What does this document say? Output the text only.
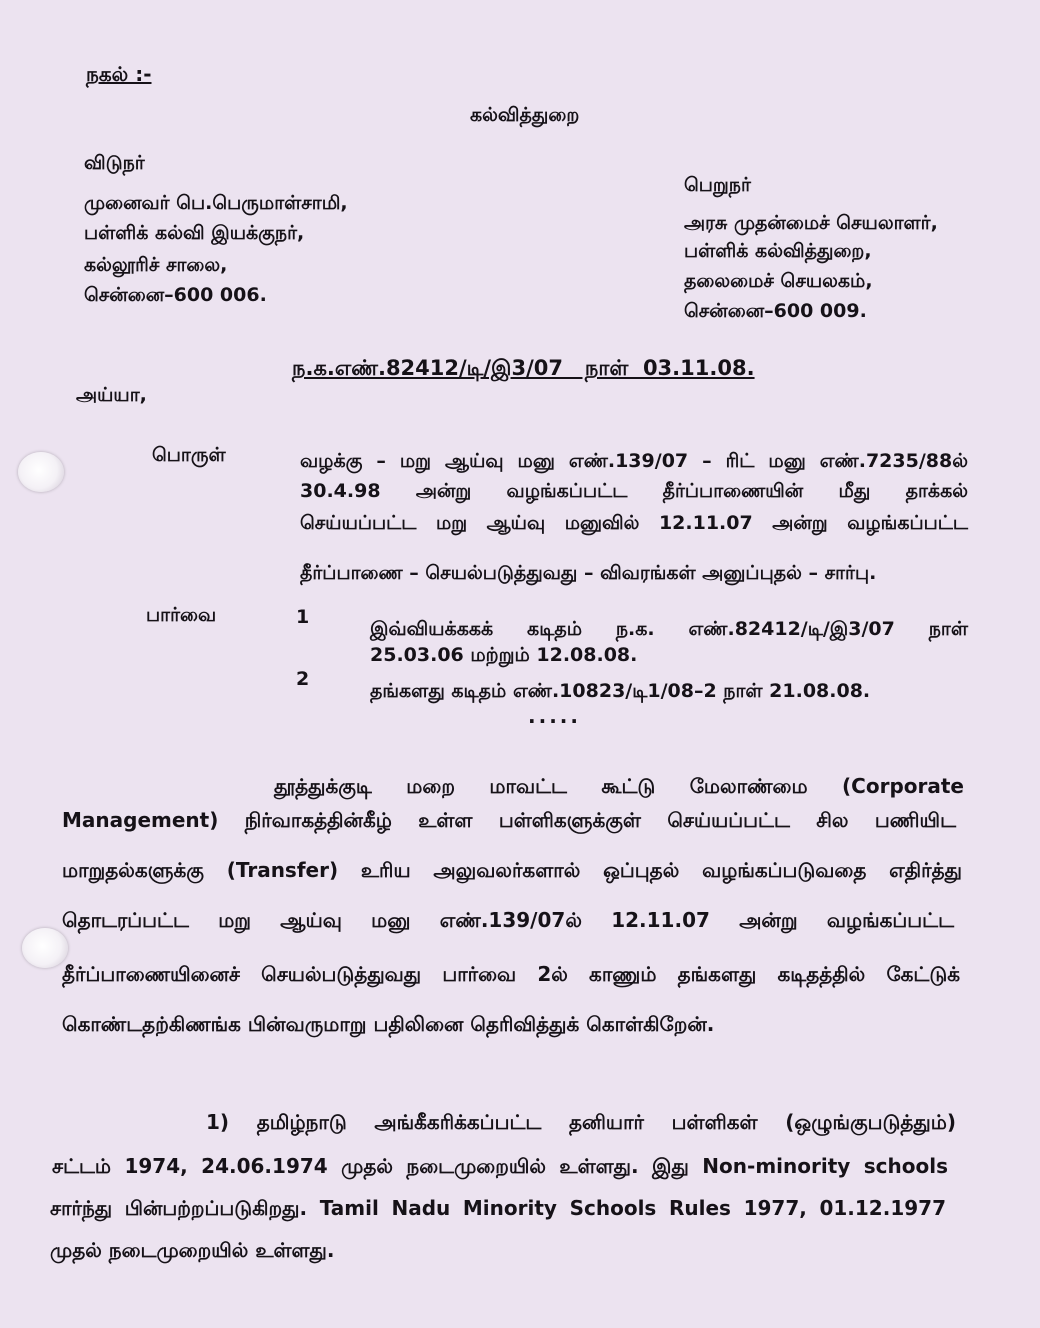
நகல் :-
கல்வித்துறை
விடுநர்
முனைவர் பெ.பெருமாள்சாமி,
பள்ளிக் கல்வி இயக்குநர்,
கல்லூரிச் சாலை,
சென்னை–600 006.
பெறுநர்
அரசு முதன்மைச் செயலாளர்,
பள்ளிக் கல்வித்துறை,
தலைமைச் செயலகம்,
சென்னை–600 009.
ந.க.எண்.82412/டி/இ3/07   நாள்  03.11.08.
அய்யா,
பொருள்	வழக்கு – மறு ஆய்வு மனு எண்.139/07 – ரிட் மனு எண்.7235/88ல்
30.4.98 அன்று வழங்கப்பட்ட தீர்ப்பாணையின் மீது தாக்கல்
செய்யப்பட்ட மறு ஆய்வு மனுவில் 12.11.07 அன்று வழங்கப்பட்ட
தீர்ப்பாணை – செயல்படுத்துவது – விவரங்கள் அனுப்புதல் – சார்பு.
பார்வை	1
இவ்வியக்ககக் கடிதம் ந.க. எண்.82412/டி/இ3/07 நாள்
25.03.06 மற்றும் 12.08.08.
2
தங்களது கடிதம் எண்.10823/டி1/08–2 நாள் 21.08.08.
.....
தூத்துக்குடி மறை மாவட்ட கூட்டு மேலாண்மை (Corporate
Management) நிர்வாகத்தின்கீழ் உள்ள பள்ளிகளுக்குள் செய்யப்பட்ட சில பணியிட
மாறுதல்களுக்கு (Transfer) உரிய அலுவலர்களால் ஒப்புதல் வழங்கப்படுவதை எதிர்த்து
தொடரப்பட்ட மறு ஆய்வு மனு எண்.139/07ல் 12.11.07 அன்று வழங்கப்பட்ட
தீர்ப்பாணையினைச் செயல்படுத்துவது பார்வை 2ல் காணும் தங்களது கடிதத்தில் கேட்டுக்
கொண்டதற்கிணங்க பின்வருமாறு பதிலினை தெரிவித்துக் கொள்கிறேன்.
1) தமிழ்நாடு அங்கீகரிக்கப்பட்ட தனியார் பள்ளிகள் (ஒழுங்குபடுத்தும்)
சட்டம் 1974, 24.06.1974 முதல் நடைமுறையில் உள்ளது. இது Non-minority schools
சார்ந்து பின்பற்றப்படுகிறது. Tamil Nadu Minority Schools Rules 1977, 01.12.1977
முதல் நடைமுறையில் உள்ளது.
